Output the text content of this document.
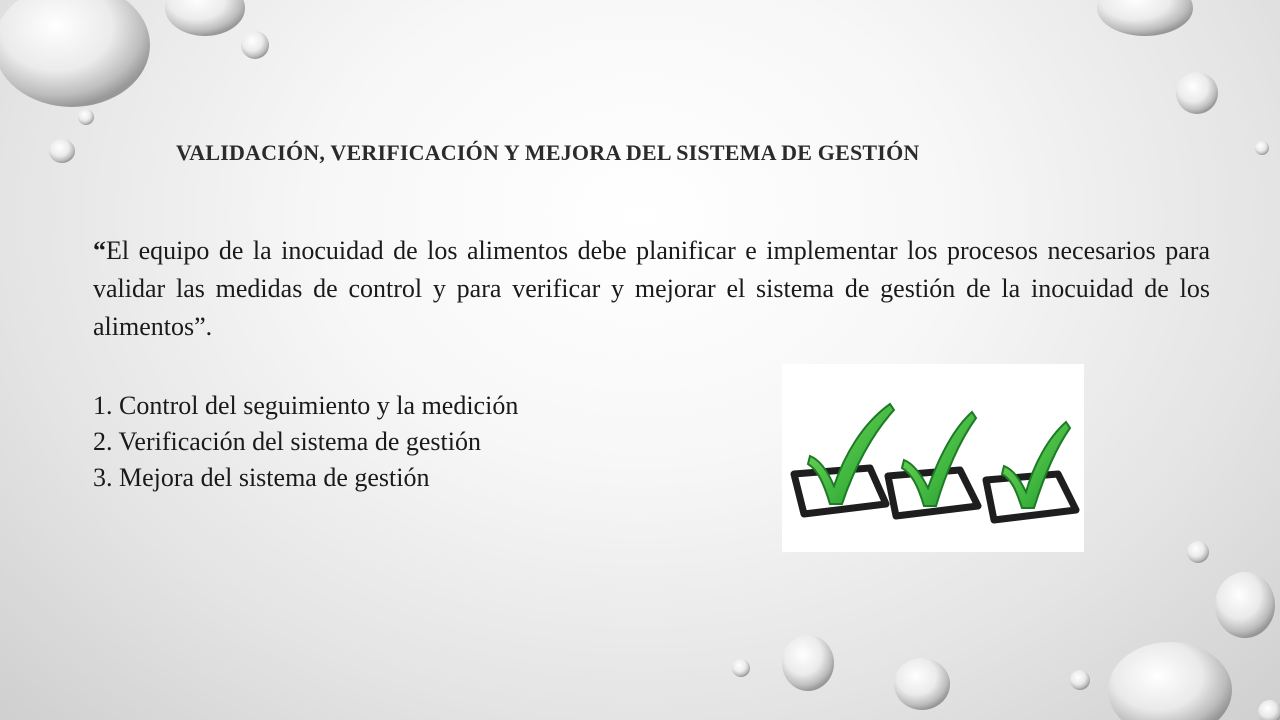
VALIDACIÓN, VERIFICACIÓN Y MEJORA DEL SISTEMA DE GESTIÓN
“El equipo de la inocuidad de los alimentos debe planificar e implementar los procesos necesarios para validar las medidas de control y para verificar y mejorar el sistema de gestión de la inocuidad de los alimentos”.
1. Control del seguimiento y la medición
2. Verificación del sistema de gestión
3. Mejora del sistema de gestión
